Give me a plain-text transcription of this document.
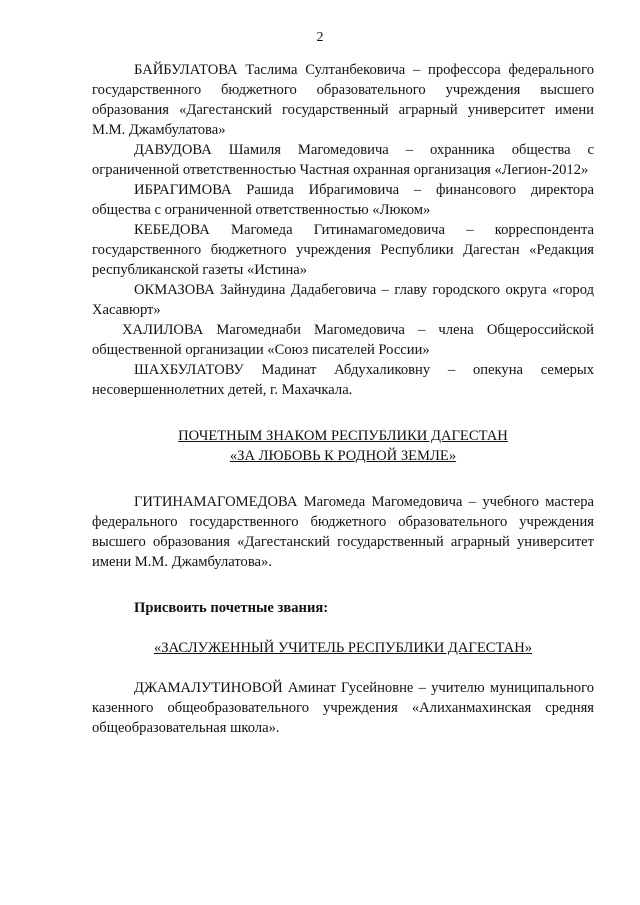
2

БАЙБУЛАТОВА Таслима Султанбековича – профессора федерального государственного бюджетного образовательного учреждения высшего образования «Дагестанский государственный аграрный университет имени М.М. Джамбулатова»

ДАВУДОВА Шамиля Магомедовича – охранника общества с ограниченной ответственностью Частная охранная организация «Легион-2012»

ИБРАГИМОВА Рашида Ибрагимовича – финансового директора общества с ограниченной ответственностью «Люком»

КЕБЕДОВА Магомеда Гитинамагомедовича – корреспондента государственного бюджетного учреждения Республики Дагестан «Редакция республиканской газеты «Истина»

ОКМАЗОВА Зайнудина Дадабеговича – главу городского округа «город Хасавюрт»

ХАЛИЛОВА Магомеднаби Магомедовича – члена Общероссийской общественной организации «Союз писателей России»

ШАХБУЛАТОВУ Мадинат Абдухаликовну – опекуна семерых несовершеннолетних детей, г. Махачкала.

ПОЧЕТНЫМ ЗНАКОМ РЕСПУБЛИКИ ДАГЕСТАН

«ЗА ЛЮБОВЬ К РОДНОЙ ЗЕМЛЕ»

ГИТИНАМАГОМЕДОВА Магомеда Магомедовича – учебного мастера федерального государственного бюджетного образовательного учреждения высшего образования «Дагестанский государственный аграрный университет имени М.М. Джамбулатова».

Присвоить почетные звания:

«ЗАСЛУЖЕННЫЙ УЧИТЕЛЬ РЕСПУБЛИКИ ДАГЕСТАН»

ДЖАМАЛУТИНОВОЙ Аминат Гусейновне – учителю муниципального казенного общеобразовательного учреждения «Алиханмахинская средняя общеобразовательная школа».
